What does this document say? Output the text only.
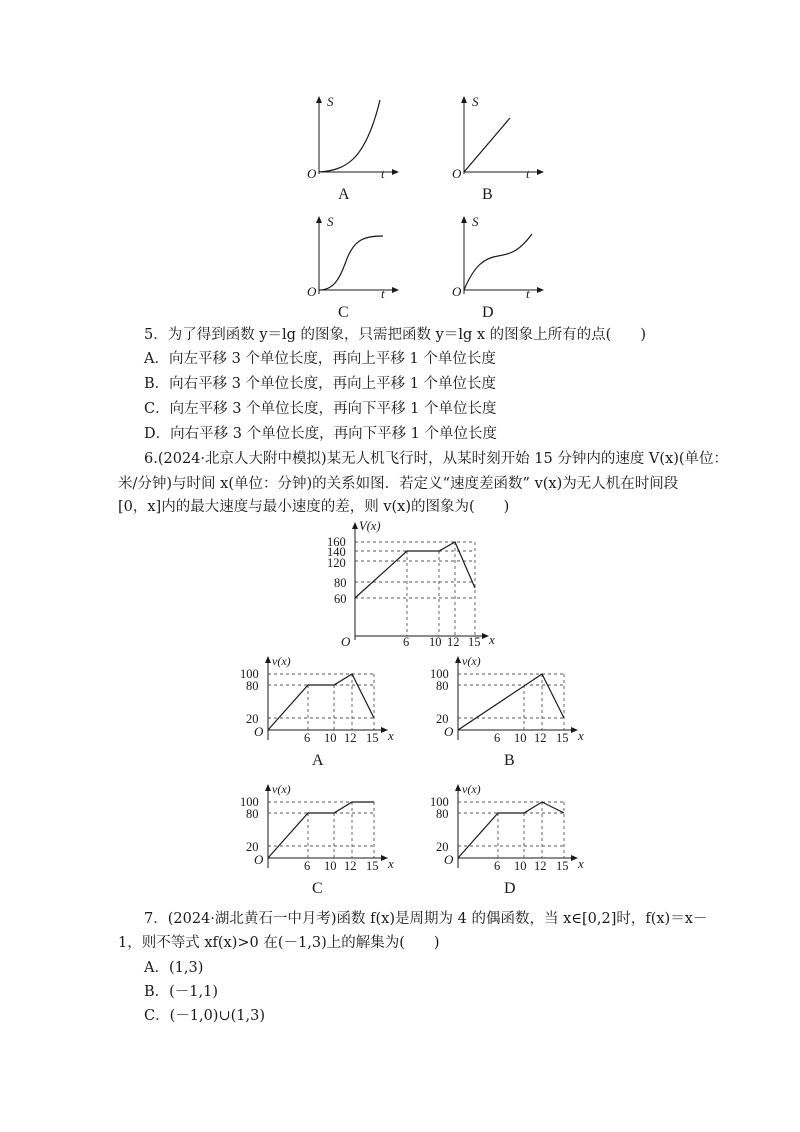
S
O	t
A
S
O	t
B
S
O	t
C
S
O	t
D
5．为了得到函数 y＝lg 的图象，只需把函数 y＝lg x 的图象上所有的点(　　)
A．向左平移 3 个单位长度，再向上平移 1 个单位长度
B．向右平移 3 个单位长度，再向上平移 1 个单位长度
C．向左平移 3 个单位长度，再向下平移 1 个单位长度
D．向右平移 3 个单位长度，再向下平移 1 个单位长度
6.(2024·北京人大附中模拟)某无人机飞行时，从某时刻开始 15 分钟内的速度 V(x)(单位：
米/分钟)与时间 x(单位：分钟)的关系如图．若定义“速度差函数” v(x)为无人机在时间段
[0，x]内的最大速度与最小速度的差，则 v(x)的图象为(　　)
V(x)
160
140
120
80
60
O	6 10 12 15 x
v(x)
100
80
20
O	6 10 12 15 x
A
v(x)
100
80
20
O	6 10 12 15 x
B
v(x)
100
80
20
O	6 10 12 15 x
C
v(x)
100
80
20
O	6 10 12 15 x
D
7．(2024·湖北黄石一中月考)函数 f(x)是周期为 4 的偶函数，当 x∈[0,2]时，f(x)＝x－
1，则不等式 xf(x)>0 在(－1,3)上的解集为(　　)
A．(1,3)
B．(－1,1)
C．(－1,0)∪(1,3)
